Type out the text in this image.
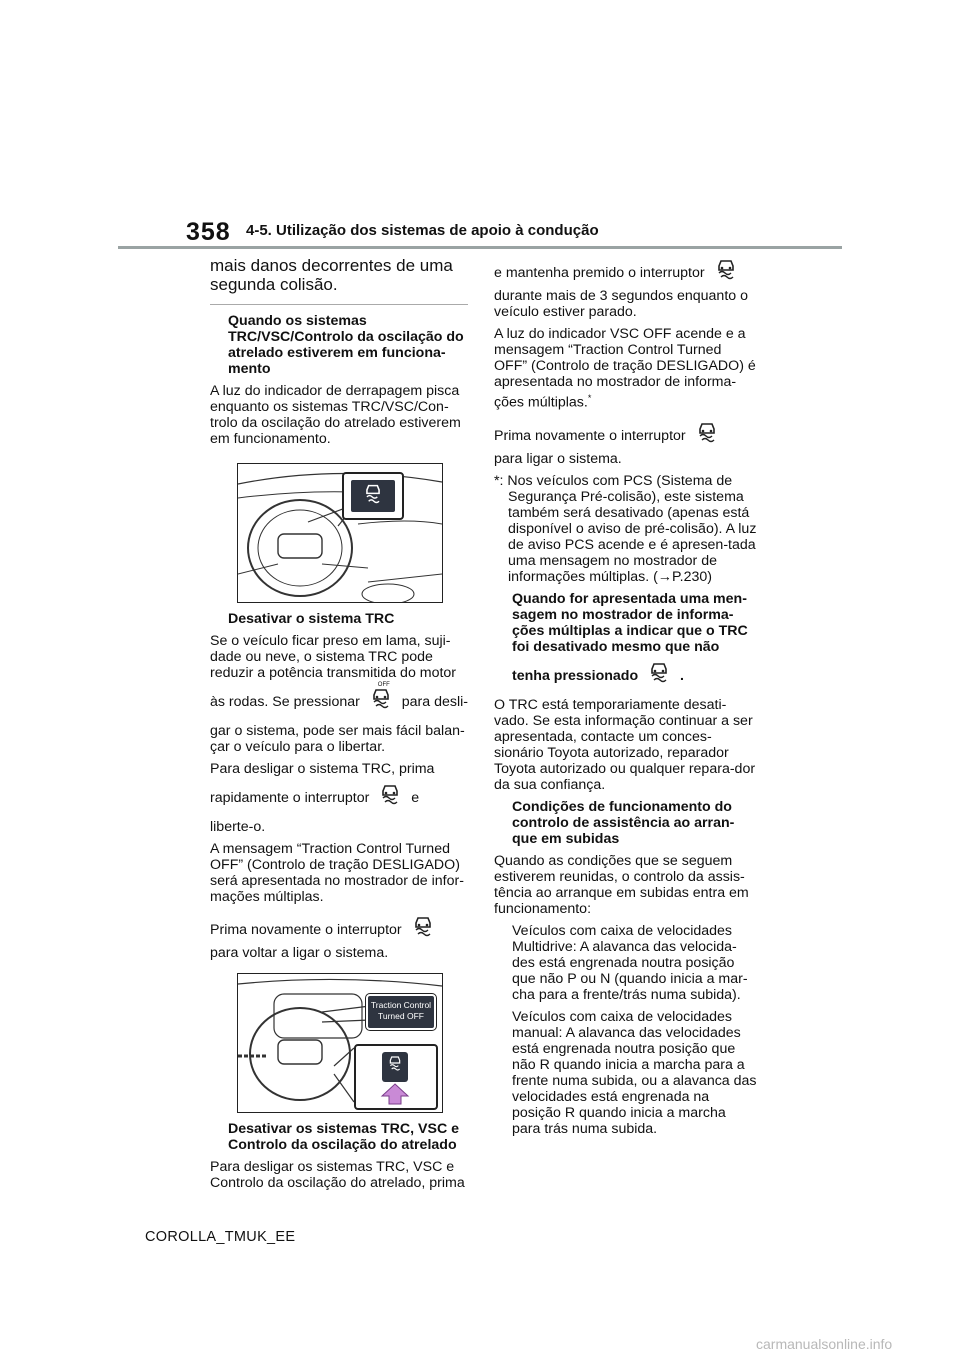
358 4-5. Utilização dos sistemas de apoio à condução

mais danos decorrentes de uma segunda colisão.

Quando os sistemas TRC/VSC/Controlo da oscilação do atrelado estiverem em funciona-mento

A luz do indicador de derrapagem pisca enquanto os sistemas TRC/VSC/Con-trolo da oscilação do atrelado estiverem em funcionamento.

Desativar o sistema TRC

Se o veículo ficar preso em lama, suji-dade ou neve, o sistema TRC pode reduzir a potência transmitida do motor

às rodas. Se pressionar
OFF
para desli-

gar o sistema, pode ser mais fácil balan-çar o veículo para o libertar.

Para desligar o sistema TRC, prima

rapidamente o interruptor	e

liberte-o.

A mensagem “Traction Control Turned OFF” (Controlo de tração DESLIGADO) será apresentada no mostrador de infor-mações múltiplas.

Prima novamente o interruptor
para voltar a ligar o sistema.

Traction Control
Turned OFF

Desativar os sistemas TRC, VSC e Controlo da oscilação do atrelado

Para desligar os sistemas TRC, VSC e Controlo da oscilação do atrelado, prima

e mantenha premido o interruptor
durante mais de 3 segundos enquanto o veículo estiver parado.

A luz do indicador VSC OFF acende e a mensagem “Traction Control Turned OFF” (Controlo de tração DESLIGADO) é apresentada no mostrador de informa-ções múltiplas.*

Prima novamente o interruptor
para ligar o sistema.

*: Nos veículos com PCS (Sistema de Segurança Pré-colisão), este sistema também será desativado (apenas está disponível o aviso de pré-colisão). A luz de aviso PCS acende e é apresen-tada uma mensagem no mostrador de informações múltiplas. (→P.230)

Quando for apresentada uma men-sagem no mostrador de informa-ções múltiplas a indicar que o TRC foi desativado mesmo que não

tenha pressionado	.

O TRC está temporariamente desati-vado. Se esta informação continuar a ser apresentada, contacte um conces-sionário Toyota autorizado, reparador Toyota autorizado ou qualquer repara-dor da sua confiança.

Condições de funcionamento do controlo de assistência ao arran-que em subidas

Quando as condições que se seguem estiverem reunidas, o controlo da assis-tência ao arranque em subidas entra em funcionamento:

Veículos com caixa de velocidades Multidrive: A alavanca das velocida-des está engrenada noutra posição que não P ou N (quando inicia a mar-cha para a frente/trás numa subida).

Veículos com caixa de velocidades manual: A alavanca das velocidades está engrenada noutra posição que não R quando inicia a marcha para a frente numa subida, ou a alavanca das velocidades está engrenada na posição R quando inicia a marcha para trás numa subida.

COROLLA_TMUK_EE
carmanualsonline.info
